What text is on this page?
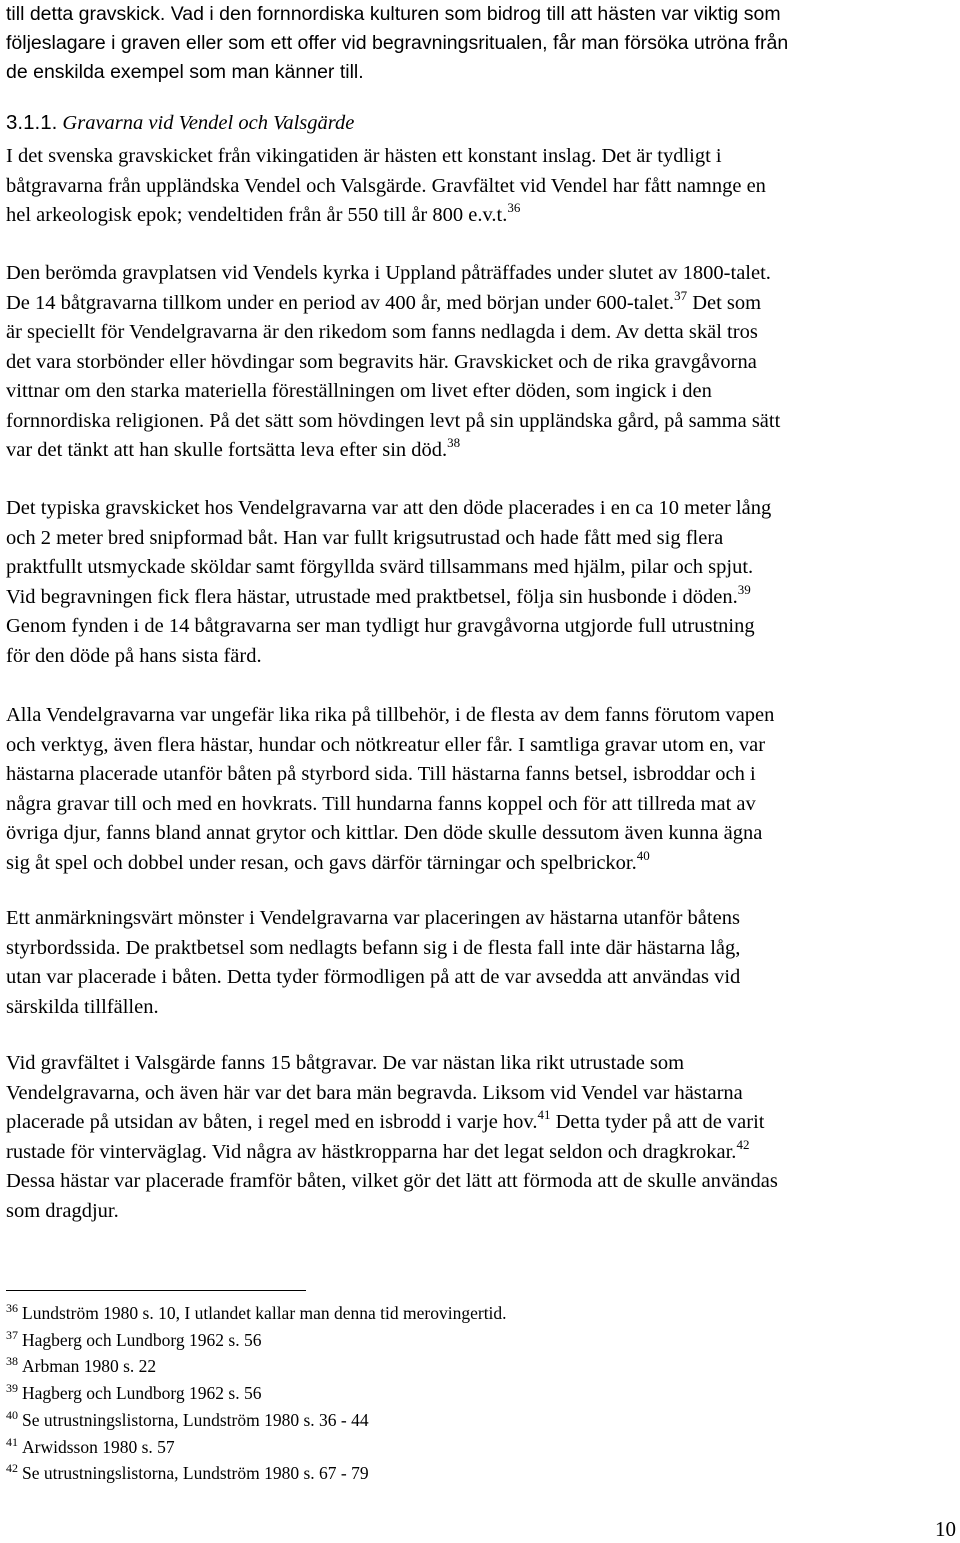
till detta gravskick. Vad i den fornnordiska kulturen som bidrog till att hästen var viktig som
följeslagare i graven eller som ett offer vid begravningsritualen, får man försöka utröna från
de enskilda exempel som man känner till.

3.1.1. Gravarna vid Vendel och Valsgärde

I det svenska gravskicket från vikingatiden är hästen ett konstant inslag. Det är tydligt i
båtgravarna från uppländska Vendel och Valsgärde. Gravfältet vid Vendel har fått namnge en
hel arkeologisk epok; vendeltiden från år 550 till år 800 e.v.t.$^{36}$

Den berömda gravplatsen vid Vendels kyrka i Uppland påträffades under slutet av 1800-talet.
De 14 båtgravarna tillkom under en period av 400 år, med början under 600-talet.$^{37}$ Det som
är speciellt för Vendelgravarna är den rikedom som fanns nedlagda i dem. Av detta skäl tros
det vara storbönder eller hövdingar som begravits här. Gravskicket och de rika gravgåvorna
vittnar om den starka materiella föreställningen om livet efter döden, som ingick i den
fornnordiska religionen. På det sätt som hövdingen levt på sin uppländska gård, på samma sätt
var det tänkt att han skulle fortsätta leva efter sin död.$^{38}$

Det typiska gravskicket hos Vendelgravarna var att den döde placerades i en ca 10 meter lång
och 2 meter bred snipformad båt. Han var fullt krigsutrustad och hade fått med sig flera
praktfullt utsmyckade sköldar samt förgyllda svärd tillsammans med hjälm, pilar och spjut.
Vid begravningen fick flera hästar, utrustade med praktbetsel, följa sin husbonde i döden.$^{39}$
Genom fynden i de 14 båtgravarna ser man tydligt hur gravgåvorna utgjorde full utrustning
för den döde på hans sista färd.

Alla Vendelgravarna var ungefär lika rika på tillbehör, i de flesta av dem fanns förutom vapen
och verktyg, även flera hästar, hundar och nötkreatur eller får. I samtliga gravar utom en, var
hästarna placerade utanför båten på styrbord sida. Till hästarna fanns betsel, isbroddar och i
några gravar till och med en hovkrats. Till hundarna fanns koppel och för att tillreda mat av
övriga djur, fanns bland annat grytor och kittlar. Den döde skulle dessutom även kunna ägna
sig åt spel och dobbel under resan, och gavs därför tärningar och spelbrickor.$^{40}$

Ett anmärkningsvärt mönster i Vendelgravarna var placeringen av hästarna utanför båtens
styrbordssida. De praktbetsel som nedlagts befann sig i de flesta fall inte där hästarna låg,
utan var placerade i båten. Detta tyder förmodligen på att de var avsedda att användas vid
särskilda tillfällen.

Vid gravfältet i Valsgärde fanns 15 båtgravar. De var nästan lika rikt utrustade som
Vendelgravarna, och även här var det bara män begravda. Liksom vid Vendel var hästarna
placerade på utsidan av båten, i regel med en isbrodd i varje hov.$^{41}$ Detta tyder på att de varit
rustade för vinterväglag. Vid några av hästkropparna har det legat seldon och dragkrokar.$^{42}$
Dessa hästar var placerade framför båten, vilket gör det lätt att förmoda att de skulle användas
som dragdjur.

$^{36}$ Lundström 1980 s. 10, I utlandet kallar man denna tid merovingertid.
$^{37}$ Hagberg och Lundborg 1962 s. 56
$^{38}$ Arbman 1980 s. 22
$^{39}$ Hagberg och Lundborg 1962 s. 56
$^{40}$ Se utrustningslistorna, Lundström 1980 s. 36 - 44
$^{41}$ Arwidsson 1980 s. 57
$^{42}$ Se utrustningslistorna, Lundström 1980 s. 67 - 79

10
